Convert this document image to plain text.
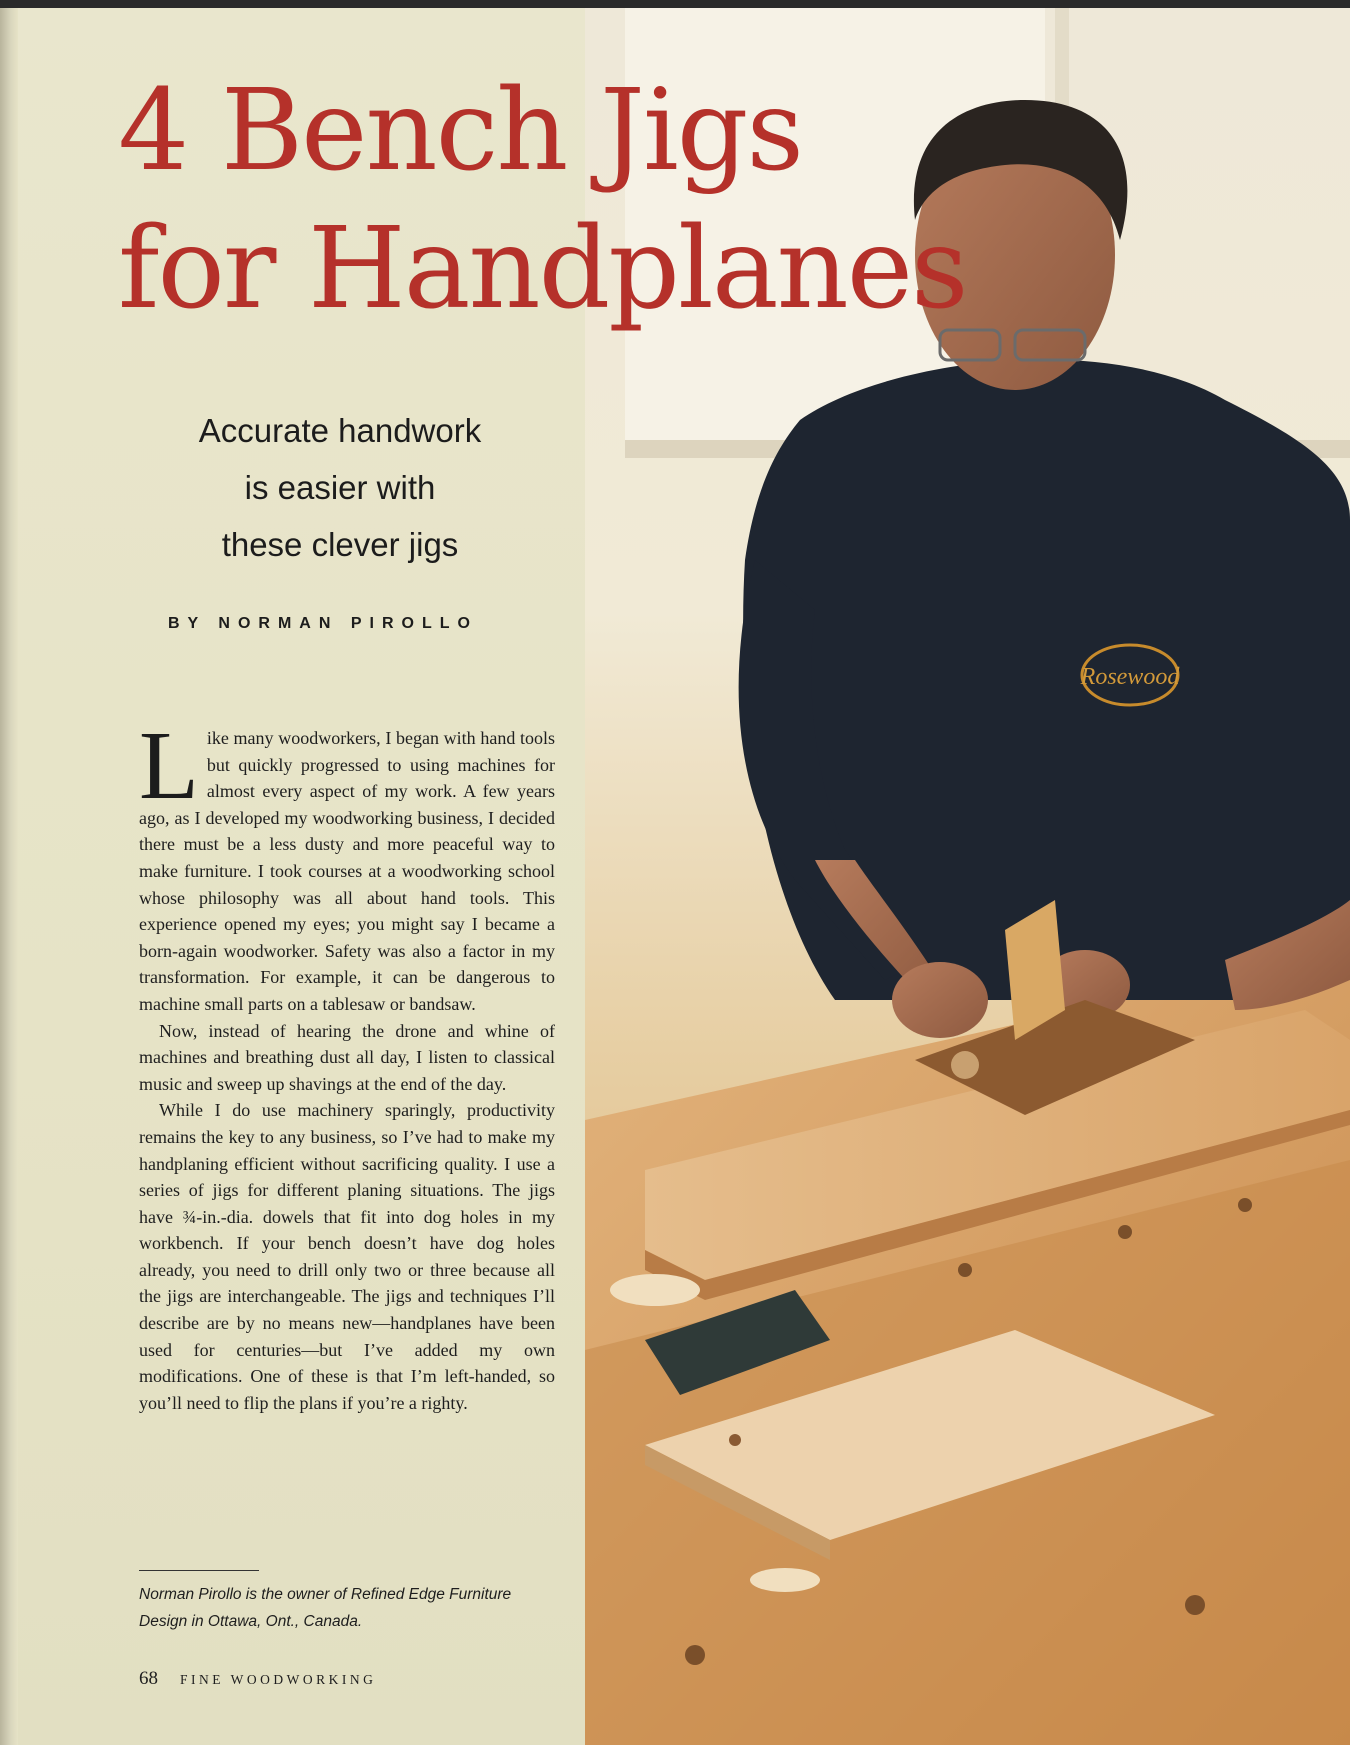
Rosewood
4 Bench Jigs
for Handplanes
Accurate handwork
is easier with
these clever jigs
BY NORMAN PIROLLO

Like many woodworkers, I began with hand tools but quickly progressed to using machines for almost every aspect of my work. A few years ago, as I developed my woodworking business, I decided there must be a less dusty and more peaceful way to make furniture. I took courses at a woodworking school whose philosophy was all about hand tools. This experience opened my eyes; you might say I became a born-again woodworker. Safety was also a factor in my transformation. For example, it can be dangerous to machine small parts on a tablesaw or bandsaw.

Now, instead of hearing the drone and whine of machines and breathing dust all day, I listen to classical music and sweep up shavings at the end of the day.

While I do use machinery sparingly, productivity remains the key to any business, so I’ve had to make my handplaning efficient without sacrificing quality. I use a series of jigs for different planing situations. The jigs have ¾-in.-dia. dowels that fit into dog holes in my workbench. If your bench doesn’t have dog holes already, you need to drill only two or three because all the jigs are interchangeable. The jigs and techniques I’ll describe are by no means new—handplanes have been used for centuries—but I’ve added my own modifications. One of these is that I’m left-handed, so you’ll need to flip the plans if you’re a righty.

Norman Pirollo is the owner of Refined Edge Furniture Design in Ottawa, Ont., Canada.

68 FINE WOODWORKING
